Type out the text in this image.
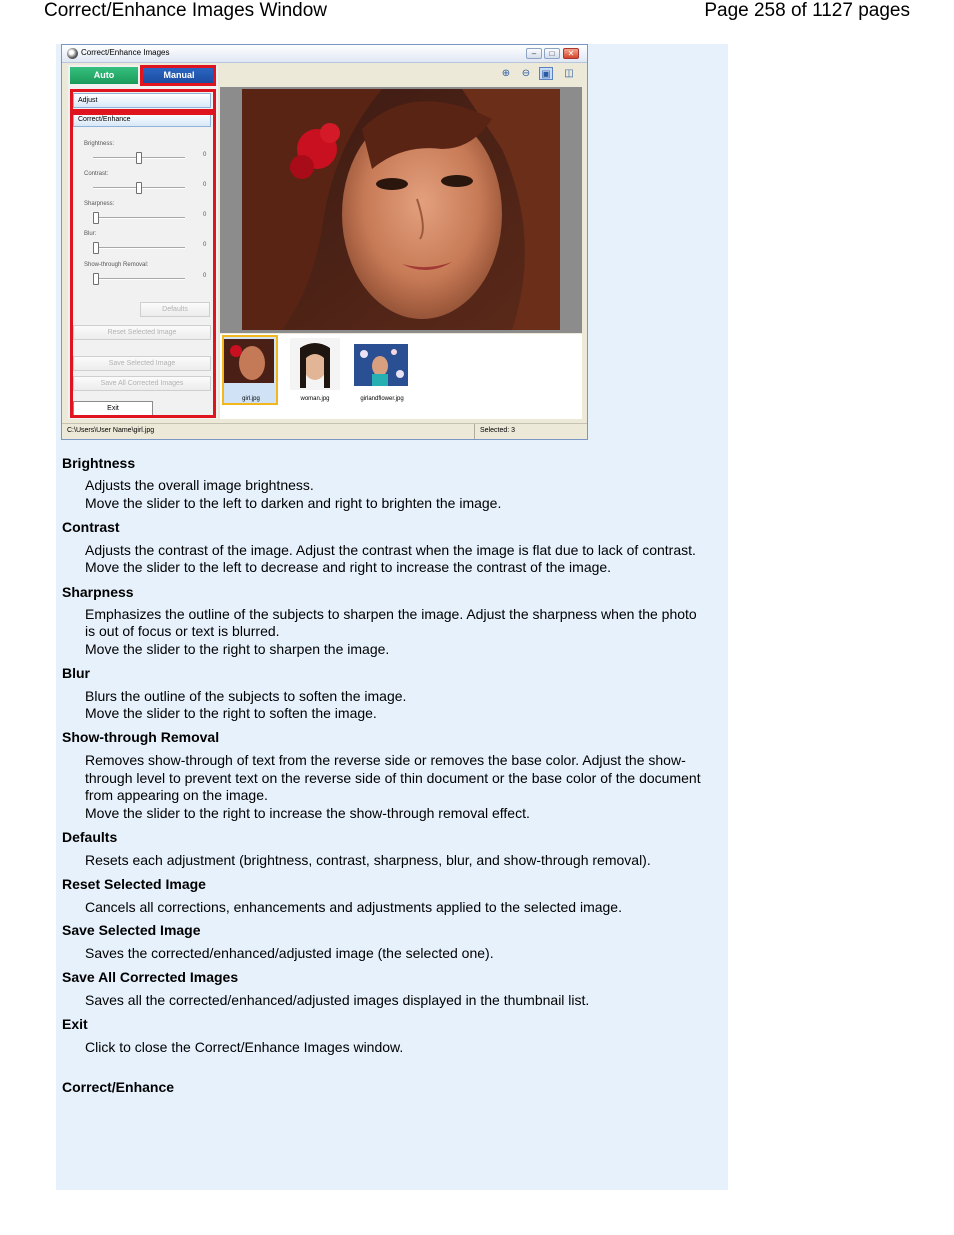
Correct/Enhance Images Window	Page 258 of 1127 pages
Correct/Enhance Images	–	□	✕
Auto	Manual
Adjust
Correct/Enhance
Brightness:
0
Contrast:
0
Sharpness:
0
Blur:
0
Show-through Removal:
0
Defaults
Reset Selected Image
Save Selected Image
Save All Corrected Images
Exit
⊕ ⊖ ▣ ◫
girl.jpg	woman.jpg	girlandflower.jpg
C:\Users\User Name\girl.jpg	Selected: 3
Brightness
Adjusts the overall image brightness.
Move the slider to the left to darken and right to brighten the image.
Contrast
Adjusts the contrast of the image. Adjust the contrast when the image is flat due to lack of contrast.
Move the slider to the left to decrease and right to increase the contrast of the image.
Sharpness
Emphasizes the outline of the subjects to sharpen the image. Adjust the sharpness when the photo
is out of focus or text is blurred.
Move the slider to the right to sharpen the image.
Blur
Blurs the outline of the subjects to soften the image.
Move the slider to the right to soften the image.
Show-through Removal
Removes show-through of text from the reverse side or removes the base color. Adjust the show-
through level to prevent text on the reverse side of thin document or the base color of the document
from appearing on the image.
Move the slider to the right to increase the show-through removal effect.
Defaults
Resets each adjustment (brightness, contrast, sharpness, blur, and show-through removal).
Reset Selected Image
Cancels all corrections, enhancements and adjustments applied to the selected image.
Save Selected Image
Saves the corrected/enhanced/adjusted image (the selected one).
Save All Corrected Images
Saves all the corrected/enhanced/adjusted images displayed in the thumbnail list.
Exit
Click to close the Correct/Enhance Images window.
Correct/Enhance
